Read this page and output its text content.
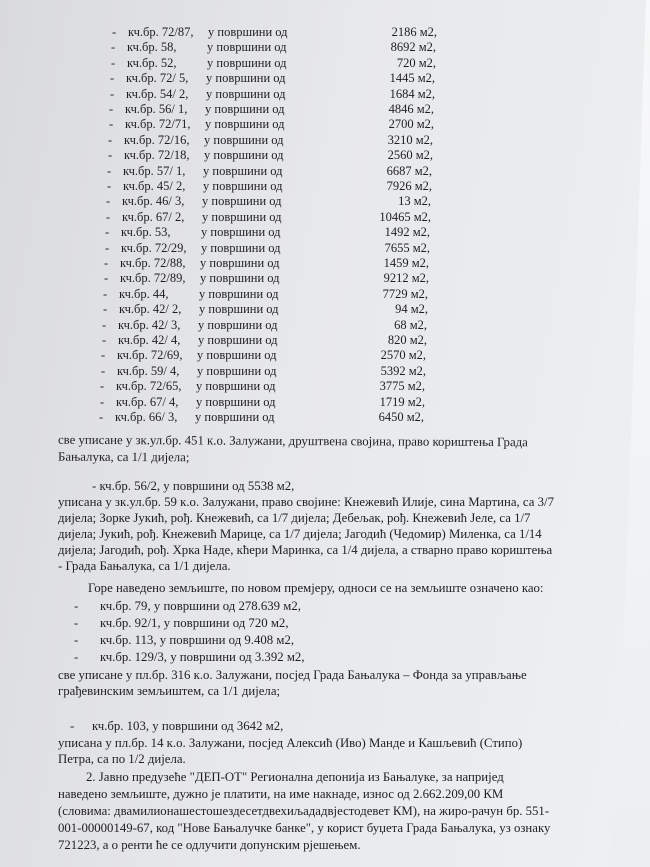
- кч.бр. 72/87, у површини од	2186 м2,
- кч.бр. 58, у површини од	8692 м2,
- кч.бр. 52, у површини од	720 м2,
- кч.бр. 72/ 5, у површини од	1445 м2,
- кч.бр. 54/ 2, у површини од	1684 м2,
- кч.бр. 56/ 1, у површини од	4846 м2,
- кч.бр. 72/71, у површини од	2700 м2,
- кч.бр. 72/16, у површини од	3210 м2,
- кч.бр. 72/18, у површини од	2560 м2,
- кч.бр. 57/ 1, у површини од	6687 м2,
- кч.бр. 45/ 2, у површини од	7926 м2,
- кч.бр. 46/ 3, у површини од	13 м2,
- кч.бр. 67/ 2, у површини од	10465 м2,
- кч.бр. 53, у површини од	1492 м2,
- кч.бр. 72/29, у површини од	7655 м2,
- кч.бр. 72/88, у површини од	1459 м2,
- кч.бр. 72/89, у површини од	9212 м2,
- кч.бр. 44, у површини од	7729 м2,
- кч.бр. 42/ 2, у површини од	94 м2,
- кч.бр. 42/ 3, у површини од	68 м2,
- кч.бр. 42/ 4, у површини од	820 м2,
- кч.бр. 72/69, у површини од	2570 м2,
- кч.бр. 59/ 4, у површини од	5392 м2,
- кч.бр. 72/65, у површини од	3775 м2,
- кч.бр. 67/ 4, у површини од	1719 м2,
- кч.бр. 66/ 3, у површини од	6450 м2,
све уписане у зк.ул.бр. 451 к.о. Залужани, друштвена својина, право кориштења Града
Бањалука, са 1/1 дијела;
- кч.бр. 56/2, у површини од 5538 м2,
уписана у зк.ул.бр. 59 к.о. Залужани, право својине: Кнежевић Илије, сина Мартина, са 3/7
дијела; Зорке Јукић, рођ. Кнежевић, са 1/7 дијела; Дебељак, рођ. Кнежевић Јеле, са 1/7
дијела; Јукић, рођ. Кнежевић Марице, са 1/7 дијела; Јагодић (Чедомир) Миленка, са 1/14
дијела; Јагодић, рођ. Хрка Наде, кћери Маринка, са 1/4 дијела, а стварно право кориштења
- Града Бањалука, са 1/1 дијела.
Горе наведено земљиште, по новом премјеру, односи се на земљиште означено као:
- кч.бр. 79, у површини од 278.639 м2,
- кч.бр. 92/1, у површини од 720 м2,
- кч.бр. 113, у површини од 9.408 м2,
- кч.бр. 129/3, у површини од 3.392 м2,
све уписане у пл.бр. 316 к.о. Залужани, посјед Града Бањалука – Фонда за управљање
грађевинским земљиштем, са 1/1 дијела;
- кч.бр. 103, у површини од 3642 м2,
уписана у пл.бр. 14 к.о. Залужани, посјед Алексић (Иво) Манде и Кашљевић (Стипо)
Петра, са по 1/2 дијела.
2. Јавно предузеће "ДЕП-ОТ" Регионална депонија из Бањалуке, за напријед
наведено земљиште, дужно је платити, на име накнаде, износ од 2.662.209,00 КМ
(словима: двамилионашестошездесетдвехиљададвјестодевет КМ), на жиро-рачун бр. 551-
001-00000149-67, код "Нове Бањалучке банке", у корист буџета Града Бањалука, уз ознаку
721223, а о ренти ће се одлучити допунским рјешењем.
